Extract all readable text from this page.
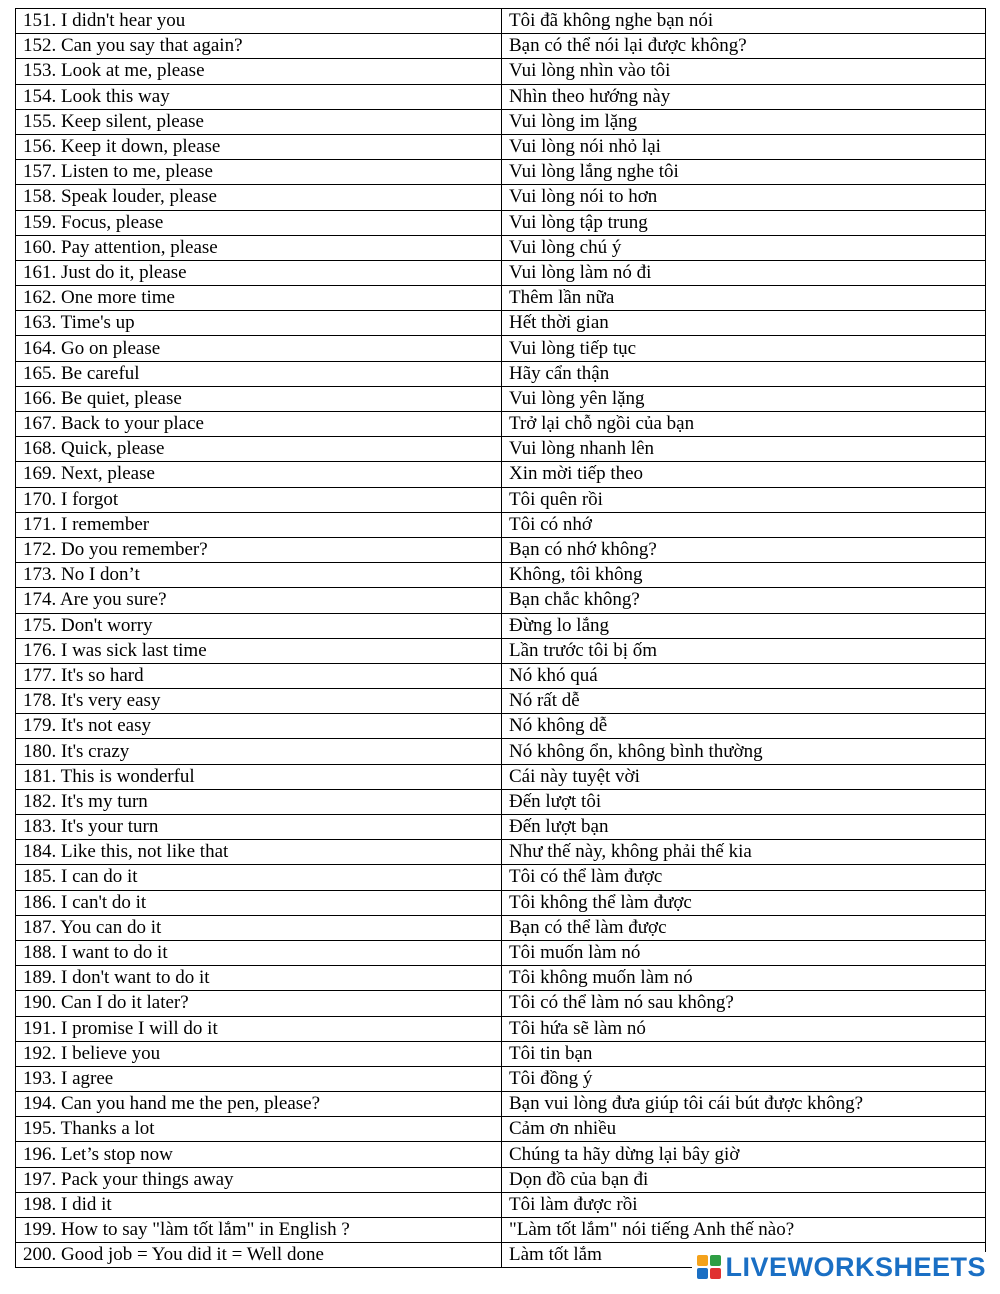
151. I didn't hear you	Tôi đã không nghe bạn nói
152. Can you say that again?	Bạn có thể nói lại được không?
153. Look at me, please	Vui lòng nhìn vào tôi
154. Look this way	Nhìn theo hướng này
155. Keep silent, please	Vui lòng im lặng
156. Keep it down, please	Vui lòng nói nhỏ lại
157. Listen to me, please	Vui lòng lắng nghe tôi
158. Speak louder, please	Vui lòng nói to hơn
159. Focus, please	Vui lòng tập trung
160. Pay attention, please	Vui lòng chú ý
161. Just do it, please	Vui lòng làm nó đi
162. One more time	Thêm lần nữa
163. Time's up	Hết thời gian
164. Go on please	Vui lòng tiếp tục
165. Be careful	Hãy cẩn thận
166. Be quiet, please	Vui lòng yên lặng
167. Back to your place	Trở lại chỗ ngồi của bạn
168. Quick, please	Vui lòng nhanh lên
169. Next, please	Xin mời tiếp theo
170. I forgot	Tôi quên rồi
171. I remember	Tôi có nhớ
172. Do you remember?	Bạn có nhớ không?
173. No I don’t	Không, tôi không
174. Are you sure?	Bạn chắc không?
175. Don't worry	Đừng lo lắng
176. I was sick last time	Lần trước tôi bị ốm
177. It's so hard	Nó khó quá
178. It's very easy	Nó rất dễ
179. It's not easy	Nó không dễ
180. It's crazy	Nó không ổn, không bình thường
181. This is wonderful	Cái này tuyệt vời
182. It's my turn	Đến lượt tôi
183. It's your turn	Đến lượt bạn
184. Like this, not like that	Như thế này, không phải thế kia
185. I can do it	Tôi có thể làm được
186. I can't do it	Tôi không thể làm được
187. You can do it	Bạn có thể làm được
188. I want to do it	Tôi muốn làm nó
189. I don't want to do it	Tôi không muốn làm nó
190. Can I do it later?	Tôi có thể làm nó sau không?
191. I promise I will do it	Tôi hứa sẽ làm nó
192. I believe you	Tôi tin bạn
193. I agree	Tôi đồng ý
194. Can you hand me the pen, please?	Bạn vui lòng đưa giúp tôi cái bút được không?
195. Thanks a lot	Cảm ơn nhiều
196. Let’s stop now	Chúng ta hãy dừng lại bây giờ
197. Pack your things away	Dọn đồ của bạn đi
198. I did it	Tôi làm được rồi
199. How to say "làm tốt lắm" in English ?	"Làm tốt lắm" nói tiếng Anh thế nào?
200. Good job = You did it = Well done	Làm tốt lắm	LIVEWORKSHEETS
